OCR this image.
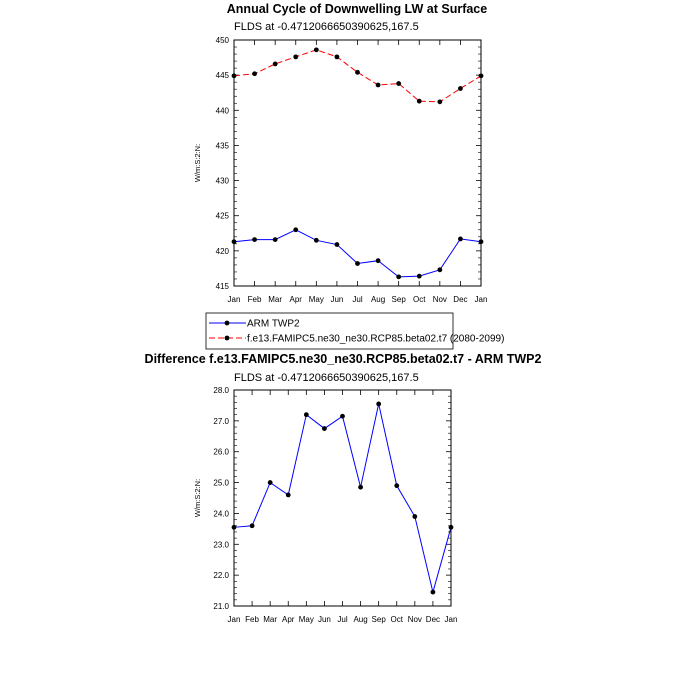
Annual Cycle of Downwelling LW at Surface
FLDS at -0.4712066650390625,167.5
415
420
425
430
435
440
445
450
Jan Feb Mar Apr May Jun Jul Aug Sep Oct Nov Dec Jan
W/m:S:2:N:
ARM TWP2
f.e13.FAMIPC5.ne30_ne30.RCP85.beta02.t7 (2080-2099)
Difference f.e13.FAMIPC5.ne30_ne30.RCP85.beta02.t7 - ARM TWP2
FLDS at -0.4712066650390625,167.5
21.0
22.0
23.0
24.0
25.0
26.0
27.0
28.0
Jan Feb Mar Apr May Jun Jul Aug Sep Oct Nov Dec Jan
W/m:S:2:N:
